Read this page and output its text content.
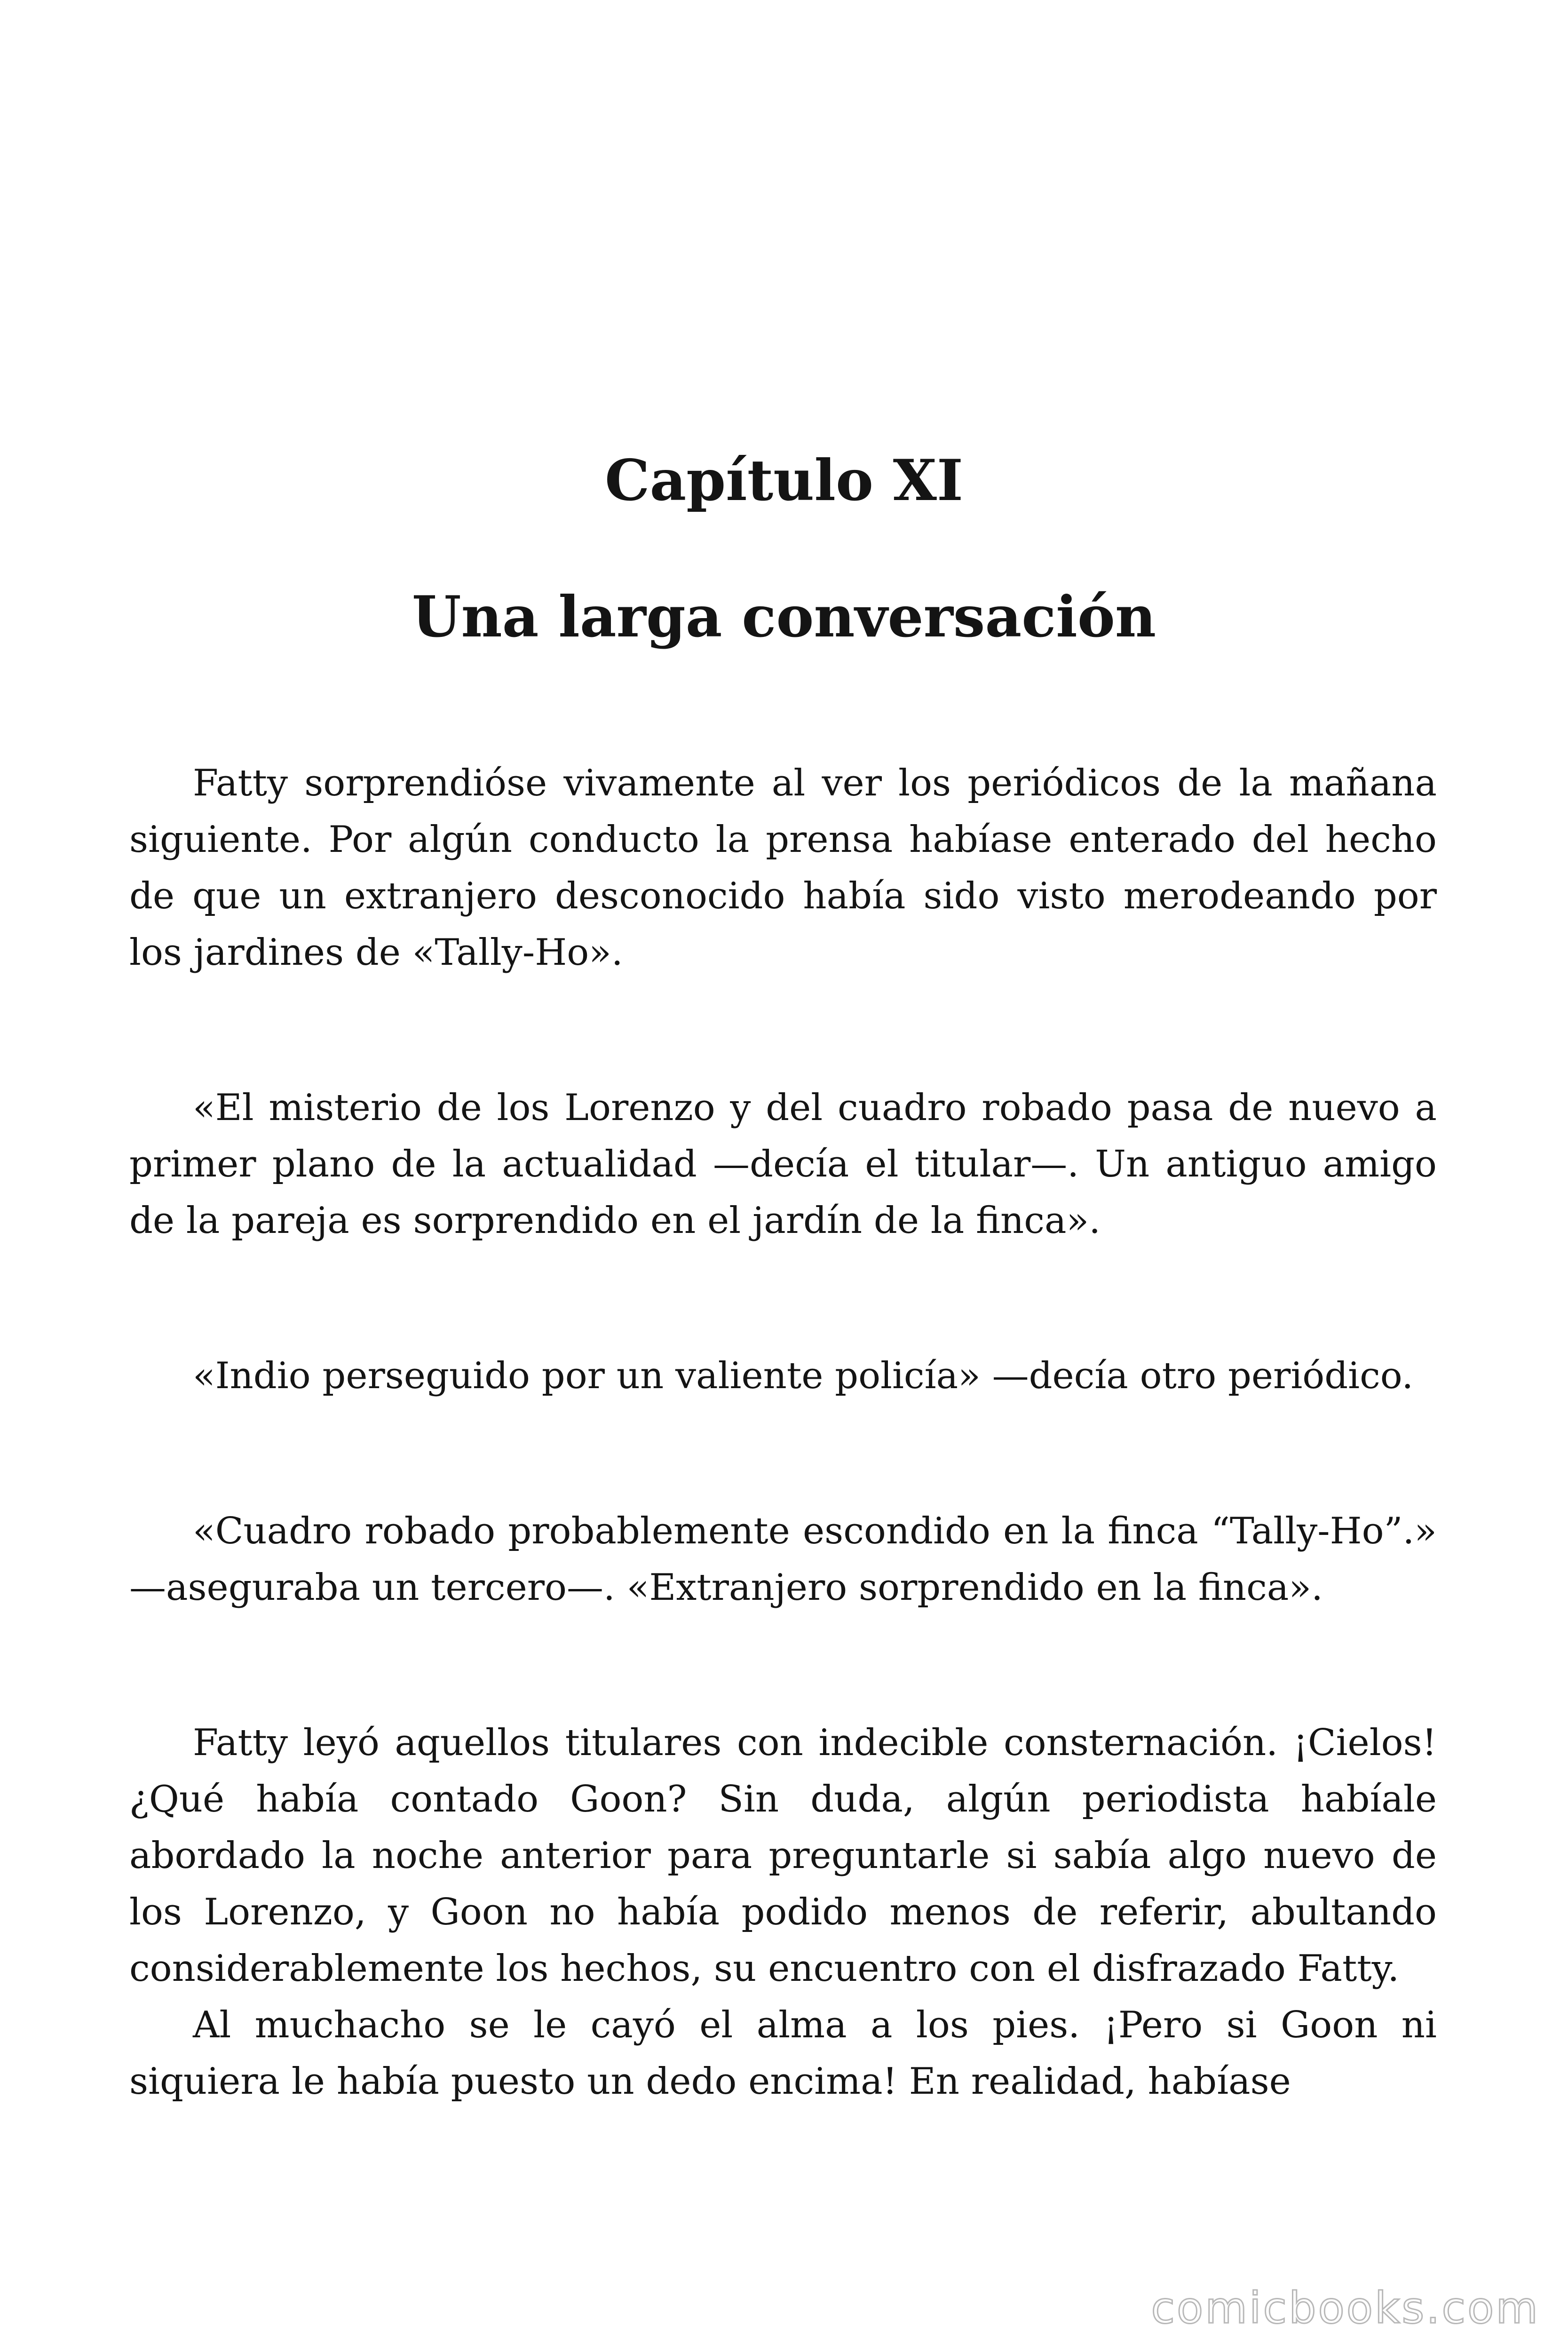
Capítulo XI
Una larga conversación

Fatty sorprendióse vivamente al ver los periódicos de la mañana siguiente. Por algún conducto la prensa habíase enterado del hecho de que un extranjero desconocido había sido visto merodeando por los jardines de «Tally-Ho».

«El misterio de los Lorenzo y del cuadro robado pasa de nuevo a primer plano de la actualidad —decía el titular—. Un antiguo amigo de la pareja es sorprendido en el jardín de la finca».

«Indio perseguido por un valiente policía» —decía otro periódico.

«Cuadro robado probablemente escondido en la finca “Tally-Ho”.» —aseguraba un tercero—. «Extranjero sorprendido en la finca».

Fatty leyó aquellos titulares con indecible consternación. ¡Cielos! ¿Qué había contado Goon? Sin duda, algún periodista habíale abordado la noche anterior para preguntarle si sabía algo nuevo de los Lorenzo, y Goon no había podido menos de referir, abultando considerablemente los hechos, su encuentro con el disfrazado Fatty.

Al muchacho se le cayó el alma a los pies. ¡Pero si Goon ni siquiera le había puesto un dedo encima! En realidad, habíase

comicbooks.com
